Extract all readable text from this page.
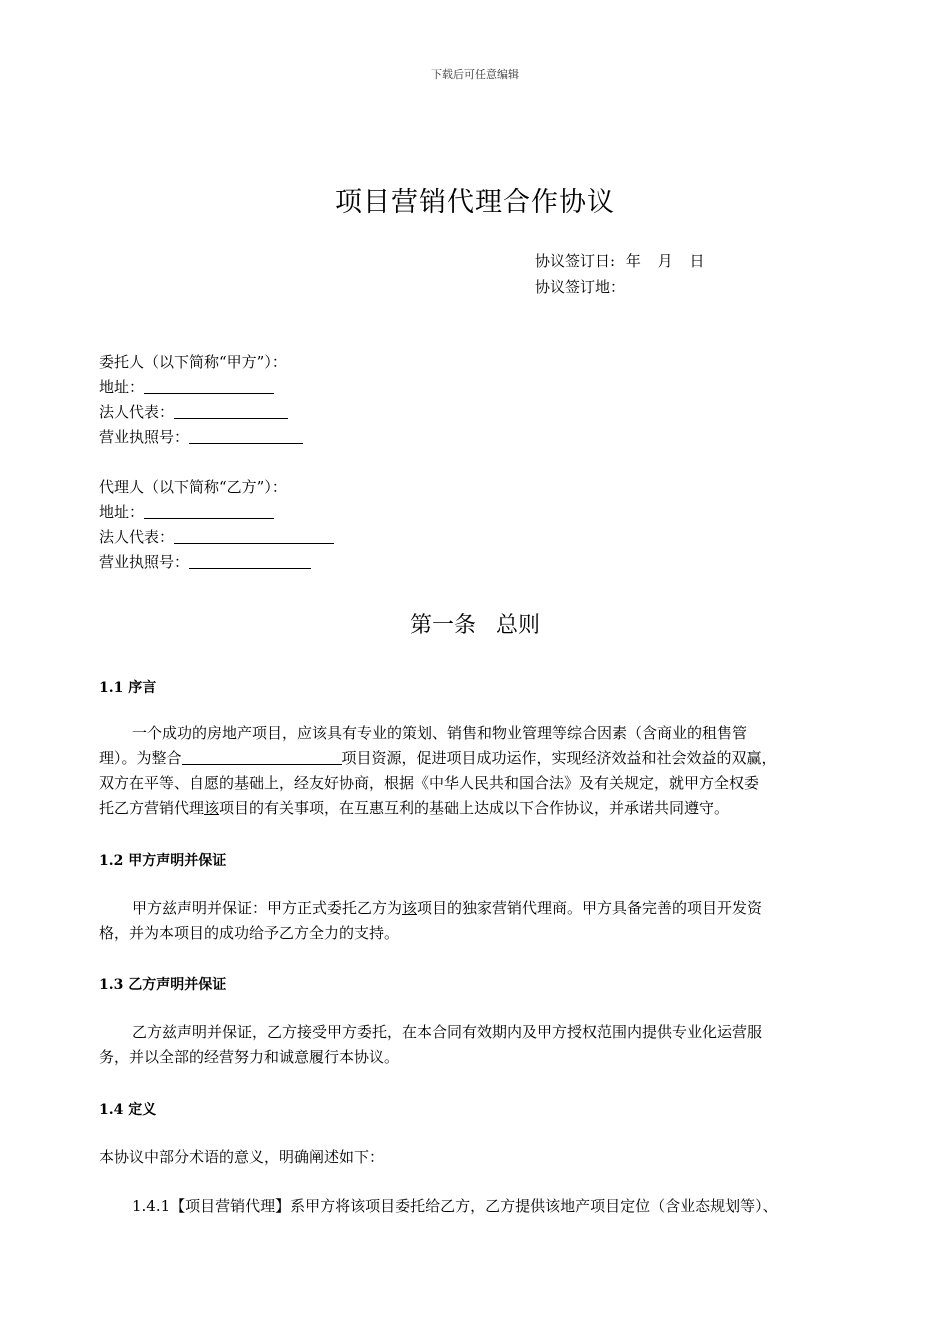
下载后可任意编辑
项目营销代理合作协议
协议签订日: 年 月 日
协议签订地：
委托人（以下简称“甲方”）：
地址：
法人代表：
营业执照号：
代理人（以下简称“乙方”）：
地址：
法人代表：
营业执照号：
第一条 总则
1.1 序言
一个成功的房地产项目，应该具有专业的策划、销售和物业管理等综合因素（含商业的租售管
理）。为整合	项目资源，促进项目成功运作，实现经济效益和社会效益的双赢，
双方在平等、自愿的基础上，经友好协商，根据《中华人民共和国合法》及有关规定，就甲方全权委
托乙方营销代理该项目的有关事项，在互惠互利的基础上达成以下合作协议，并承诺共同遵守。
1.2 甲方声明并保证
甲方兹声明并保证：甲方正式委托乙方为该项目的独家营销代理商。甲方具备完善的项目开发资
格，并为本项目的成功给予乙方全力的支持。
1.3 乙方声明并保证
乙方兹声明并保证，乙方接受甲方委托，在本合同有效期内及甲方授权范围内提供专业化运营服
务，并以全部的经营努力和诚意履行本协议。
1.4 定义
本协议中部分术语的意义，明确阐述如下：
1.4.1【项目营销代理】系甲方将该项目委托给乙方，乙方提供该地产项目定位（含业态规划等）、
